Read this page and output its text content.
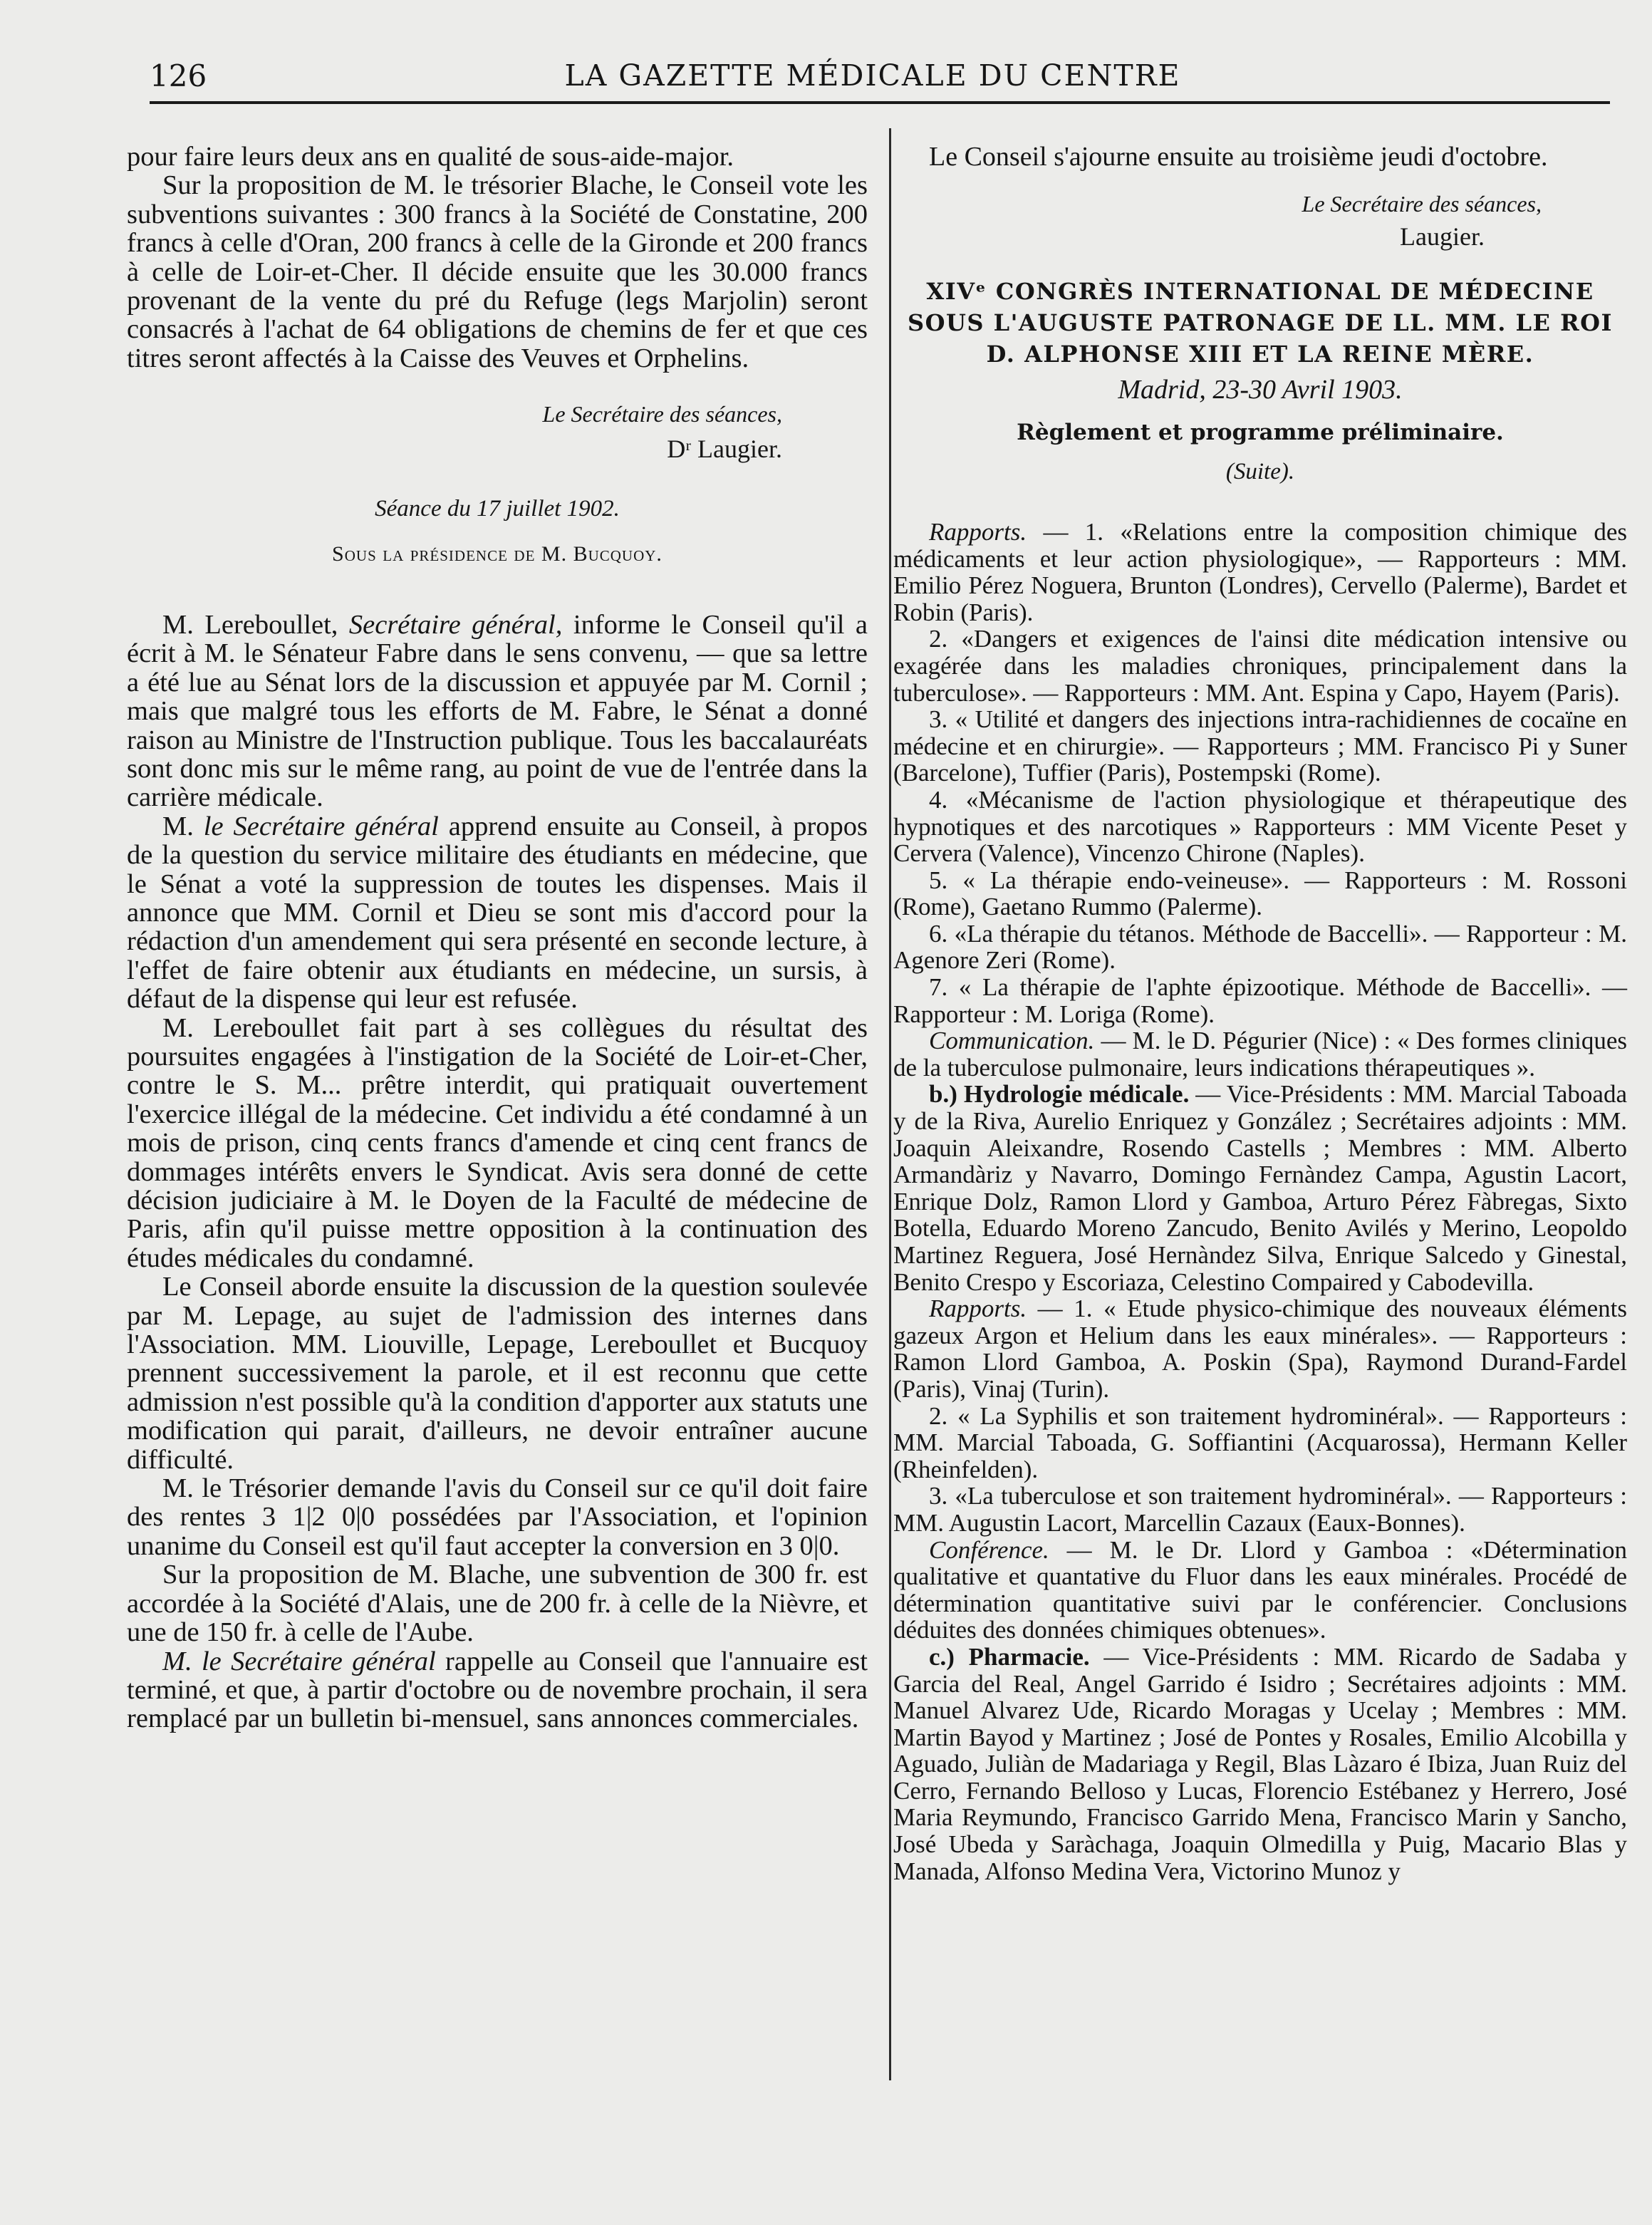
126	LA GAZETTE MÉDICALE DU CENTRE

pour faire leurs deux ans en qualité de sous-aide-major.

Sur la proposition de M. le trésorier Blache, le Conseil vote les subventions suivantes : 300 francs à la Société de Constatine, 200 francs à celle d'Oran, 200 francs à celle de la Gironde et 200 francs à celle de Loir-et-Cher. Il décide ensuite que les 30.000 francs provenant de la vente du pré du Refuge (legs Marjolin) seront consacrés à l'achat de 64 obligations de chemins de fer et que ces titres seront affectés à la Caisse des Veuves et Orphelins.

Le Secrétaire des séances,
Dʳ Laugier.
Séance du 17 juillet 1902.
Sous la présidence de M. Bucquoy.

M. Lereboullet, Secrétaire général, informe le Conseil qu'il a écrit à M. le Sénateur Fabre dans le sens convenu, — que sa lettre a été lue au Sénat lors de la discussion et appuyée par M. Cornil ; mais que malgré tous les efforts de M. Fabre, le Sénat a donné raison au Ministre de l'Instruction publique. Tous les baccalauréats sont donc mis sur le même rang, au point de vue de l'entrée dans la carrière médicale.

M. le Secrétaire général apprend ensuite au Conseil, à propos de la question du service militaire des étudiants en médecine, que le Sénat a voté la suppression de toutes les dispenses. Mais il annonce que MM. Cornil et Dieu se sont mis d'accord pour la rédaction d'un amendement qui sera présenté en seconde lecture, à l'effet de faire obtenir aux étudiants en médecine, un sursis, à défaut de la dispense qui leur est refusée.

M. Lereboullet fait part à ses collègues du résultat des poursuites engagées à l'instigation de la Société de Loir-et-Cher, contre le S. M... prêtre interdit, qui pratiquait ouvertement l'exercice illégal de la médecine. Cet individu a été condamné à un mois de prison, cinq cents francs d'amende et cinq cent francs de dommages intérêts envers le Syndicat. Avis sera donné de cette décision judiciaire à M. le Doyen de la Faculté de médecine de Paris, afin qu'il puisse mettre opposition à la continuation des études médicales du condamné.

Le Conseil aborde ensuite la discussion de la question soulevée par M. Lepage, au sujet de l'admission des internes dans l'Association. MM. Liouville, Lepage, Lereboullet et Bucquoy prennent successivement la parole, et il est reconnu que cette admission n'est possible qu'à la condition d'apporter aux statuts une modification qui parait, d'ailleurs, ne devoir entraîner aucune difficulté.

M. le Trésorier demande l'avis du Conseil sur ce qu'il doit faire des rentes 3 1|2 0|0 possédées par l'Association, et l'opinion unanime du Conseil est qu'il faut accepter la conversion en 3 0|0.

Sur la proposition de M. Blache, une subvention de 300 fr. est accordée à la Société d'Alais, une de 200 fr. à celle de la Nièvre, et une de 150 fr. à celle de l'Aube.

M. le Secrétaire général rappelle au Conseil que l'annuaire est terminé, et que, à partir d'octobre ou de novembre prochain, il sera remplacé par un bulletin bi-mensuel, sans annonces commerciales.

Le Conseil s'ajourne ensuite au troisième jeudi d'octobre.

Le Secrétaire des séances,
Laugier.
XIVᵉ CONGRÈS INTERNATIONAL DE MÉDECINE SOUS L'AUGUSTE PATRONAGE DE LL. MM. LE ROI D. ALPHONSE XIII ET LA REINE MÈRE.
Madrid, 23-30 Avril 1903.
Règlement et programme préliminaire.
(Suite).

Rapports. — 1. «Relations entre la composition chimique des médicaments et leur action physiologique», — Rapporteurs : MM. Emilio Pérez Noguera, Brunton (Londres), Cervello (Palerme), Bardet et Robin (Paris).

2. «Dangers et exigences de l'ainsi dite médication intensive ou exagérée dans les maladies chroniques, principalement dans la tuberculose». — Rapporteurs : MM. Ant. Espina y Capo, Hayem (Paris).

3. « Utilité et dangers des injections intra-rachidiennes de cocaïne en médecine et en chirurgie». — Rapporteurs ; MM. Francisco Pi y Suner (Barcelone), Tuffier (Paris), Postempski (Rome).

4. «Mécanisme de l'action physiologique et thérapeutique des hypnotiques et des narcotiques » Rapporteurs : MM Vicente Peset y Cervera (Valence), Vincenzo Chirone (Naples).

5. « La thérapie endo-veineuse». — Rapporteurs : M. Rossoni (Rome), Gaetano Rummo (Palerme).

6. «La thérapie du tétanos. Méthode de Baccelli». — Rapporteur : M. Agenore Zeri (Rome).

7. « La thérapie de l'aphte épizootique. Méthode de Baccelli». — Rapporteur : M. Loriga (Rome).

Communication. — M. le D. Pégurier (Nice) : « Des formes cliniques de la tuberculose pulmonaire, leurs indications thérapeutiques ».

b.) Hydrologie médicale. — Vice-Présidents : MM. Marcial Taboada y de la Riva, Aurelio Enriquez y González ; Secrétaires adjoints : MM. Joaquin Aleixandre, Rosendo Castells ; Membres : MM. Alberto Armandàriz y Navarro, Domingo Fernàndez Campa, Agustin Lacort, Enrique Dolz, Ramon Llord y Gamboa, Arturo Pérez Fàbregas, Sixto Botella, Eduardo Moreno Zancudo, Benito Avilés y Merino, Leopoldo Martinez Reguera, José Hernàndez Silva, Enrique Salcedo y Ginestal, Benito Crespo y Escoriaza, Celestino Compaired y Cabodevilla.

Rapports. — 1. « Etude physico-chimique des nouveaux éléments gazeux Argon et Helium dans les eaux minérales». — Rapporteurs : Ramon Llord Gamboa, A. Poskin (Spa), Raymond Durand-Fardel (Paris), Vinaj (Turin).

2. « La Syphilis et son traitement hydrominéral». — Rapporteurs : MM. Marcial Taboada, G. Soffiantini (Acquarossa), Hermann Keller (Rheinfelden).

3. «La tuberculose et son traitement hydrominéral». — Rapporteurs : MM. Augustin Lacort, Marcellin Cazaux (Eaux-Bonnes).

Conférence. — M. le Dr. Llord y Gamboa : «Détermination qualitative et quantative du Fluor dans les eaux minérales. Procédé de détermination quantitative suivi par le conférencier. Conclusions déduites des données chimiques obtenues».

c.) Pharmacie. — Vice-Présidents : MM. Ricardo de Sadaba y Garcia del Real, Angel Garrido é Isidro ; Secrétaires adjoints : MM. Manuel Alvarez Ude, Ricardo Moragas y Ucelay ; Membres : MM. Martin Bayod y Martinez ; José de Pontes y Rosales, Emilio Alcobilla y Aguado, Juliàn de Madariaga y Regil, Blas Làzaro é Ibiza, Juan Ruiz del Cerro, Fernando Belloso y Lucas, Florencio Estébanez y Herrero, José Maria Reymundo, Francisco Garrido Mena, Francisco Marin y Sancho, José Ubeda y Saràchaga, Joaquin Olmedilla y Puig, Macario Blas y Manada, Alfonso Medina Vera, Victorino Munoz y
